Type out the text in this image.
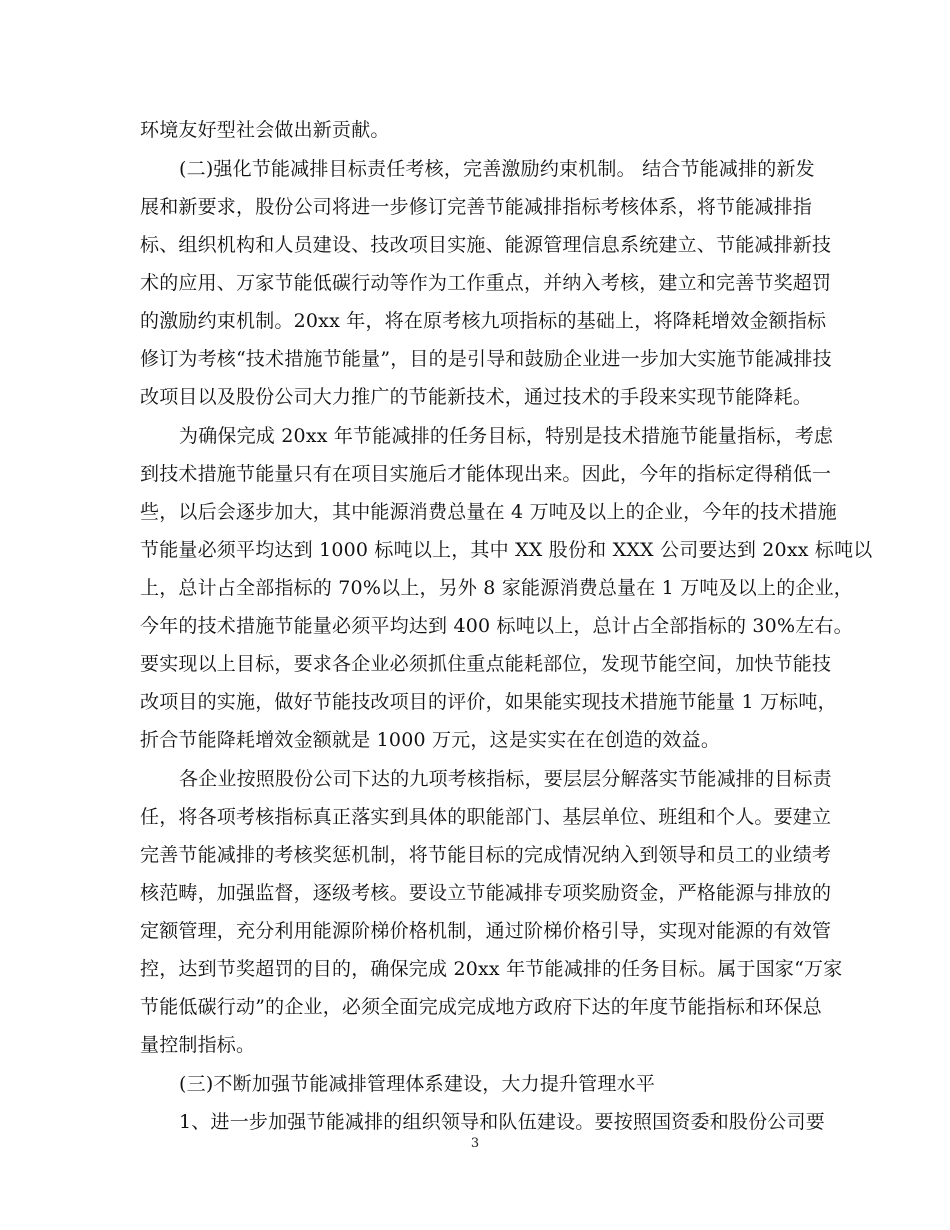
环境友好型社会做出新贡献。
(二)强化节能减排目标责任考核，完善激励约束机制。 结合节能减排的新发
展和新要求，股份公司将进一步修订完善节能减排指标考核体系，将节能减排指
标、组织机构和人员建设、技改项目实施、能源管理信息系统建立、节能减排新技
术的应用、万家节能低碳行动等作为工作重点，并纳入考核，建立和完善节奖超罚
的激励约束机制。20xx 年，将在原考核九项指标的基础上，将降耗增效金额指标
修订为考核“技术措施节能量”，目的是引导和鼓励企业进一步加大实施节能减排技
改项目以及股份公司大力推广的节能新技术，通过技术的手段来实现节能降耗。
为确保完成 20xx 年节能减排的任务目标，特别是技术措施节能量指标，考虑
到技术措施节能量只有在项目实施后才能体现出来。因此，今年的指标定得稍低一
些，以后会逐步加大，其中能源消费总量在 4 万吨及以上的企业，今年的技术措施
节能量必须平均达到 1000 标吨以上，其中 XX 股份和 XXX 公司要达到 20xx 标吨以
上，总计占全部指标的 70%以上，另外 8 家能源消费总量在 1 万吨及以上的企业，
今年的技术措施节能量必须平均达到 400 标吨以上，总计占全部指标的 30%左右。
要实现以上目标，要求各企业必须抓住重点能耗部位，发现节能空间，加快节能技
改项目的实施，做好节能技改项目的评价，如果能实现技术措施节能量 1 万标吨，
折合节能降耗增效金额就是 1000 万元，这是实实在在创造的效益。
各企业按照股份公司下达的九项考核指标，要层层分解落实节能减排的目标责
任，将各项考核指标真正落实到具体的职能部门、基层单位、班组和个人。要建立
完善节能减排的考核奖惩机制，将节能目标的完成情况纳入到领导和员工的业绩考
核范畴，加强监督，逐级考核。要设立节能减排专项奖励资金，严格能源与排放的
定额管理，充分利用能源阶梯价格机制，通过阶梯价格引导，实现对能源的有效管
控，达到节奖超罚的目的，确保完成 20xx 年节能减排的任务目标。属于国家“万家
节能低碳行动”的企业，必须全面完成完成地方政府下达的年度节能指标和环保总
量控制指标。
(三)不断加强节能减排管理体系建设，大力提升管理水平
1、进一步加强节能减排的组织领导和队伍建设。要按照国资委和股份公司要
3
